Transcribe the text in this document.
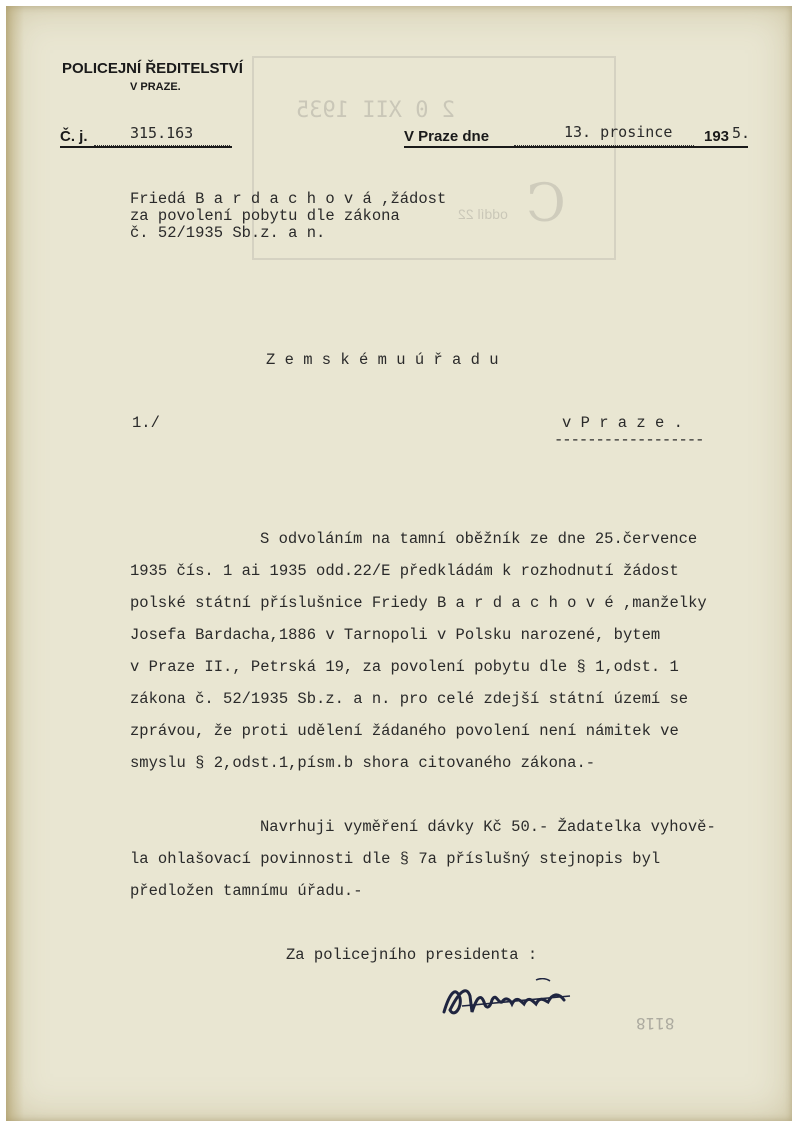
2 0 XII 1935
C
oddíl 22
POLICEJNÍ ŘEDITELSTVÍ
V PRAZE.
Č. j.	315.163	V Praze dne	13. prosince 193 5.
Friedá B a r d a c h o v á ,žádost
za povolení pobytu dle zákona
č. 52/1935 Sb.z. a n.
Z e m s k é m u ú ř a d u
1./	v P r a z e .
------------------
S odvoláním na tamní oběžník ze dne 25.července
1935 čís. 1 ai 1935 odd.22/E předkládám k rozhodnutí žádost
polské státní příslušnice Friedy B a r d a c h o v é ,manželky
Josefa Bardacha,1886 v Tarnopoli v Polsku narozené, bytem
v Praze II., Petrská 19, za povolení pobytu dle § 1,odst. 1
zákona č. 52/1935 Sb.z. a n. pro celé zdejší státní území se
zprávou, že proti udělení žádaného povolení není námitek ve
smyslu § 2,odst.1,písm.b shora citovaného zákona.-
Navrhuji vyměření dávky Kč 50.- Žadatelka vyhově-
la ohlašovací povinnosti dle § 7a příslušný stejnopis byl
předložen tamnímu úřadu.-
Za policejního presidenta :
8118
